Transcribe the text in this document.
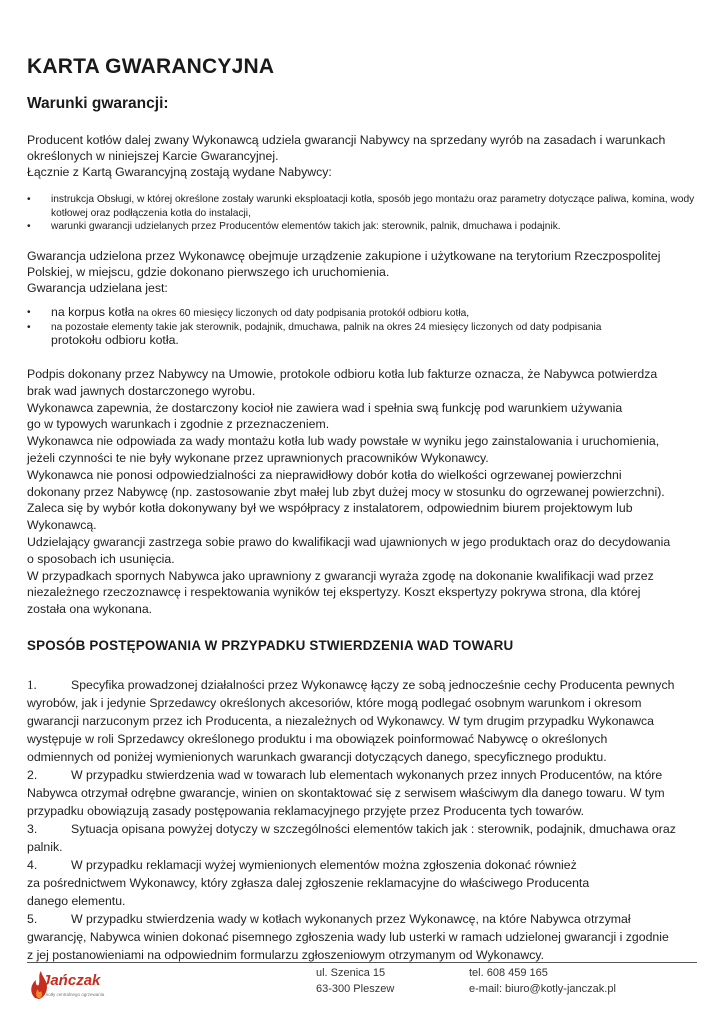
KARTA GWARANCYJNA
Warunki gwarancji:

Producent kotłów dalej zwany Wykonawcą udziela gwarancji Nabywcy na sprzedany wyrób na zasadach i warunkach

określonych w niniejszej Karcie Gwarancyjnej.

Łącznie z Kartą Gwarancyjną zostają wydane Nabywcy:

• instrukcja Obsługi, w której określone zostały warunki eksploatacji kotła, sposób jego montażu oraz parametry dotyczące paliwa, komina, wody kotłowej oraz podłączenia kotła do instalacji,
• warunki gwarancji udzielanych przez Producentów elementów takich jak: sterownik, palnik, dmuchawa i podajnik.

Gwarancja udzielona przez Wykonawcę obejmuje urządzenie zakupione i użytkowane na terytorium Rzeczpospolitej

Polskiej, w miejscu, gdzie dokonano pierwszego ich uruchomienia.

Gwarancja udzielana jest:

• na korpus kotła na okres 60 miesięcy liczonych od daty podpisania protokół odbioru kotła,
• na pozostałe elementy takie jak sterownik, podajnik, dmuchawa, palnik na okres 24 miesięcy liczonych od daty podpisania
protokołu odbioru kotła.

Podpis dokonany przez Nabywcy na Umowie, protokole odbioru kotła lub fakturze oznacza, że Nabywca potwierdza

brak wad jawnych dostarczonego wyrobu.

Wykonawca zapewnia, że dostarczony kocioł nie zawiera wad i spełnia swą funkcję pod warunkiem używania

go w typowych warunkach i zgodnie z przeznaczeniem.

Wykonawca nie odpowiada za wady montażu kotła lub wady powstałe w wyniku jego zainstalowania i uruchomienia,

jeżeli czynności te nie były wykonane przez uprawnionych pracowników Wykonawcy.

Wykonawca nie ponosi odpowiedzialności za nieprawidłowy dobór kotła do wielkości ogrzewanej powierzchni

dokonany przez Nabywcę (np. zastosowanie zbyt małej lub zbyt dużej mocy w stosunku do ogrzewanej powierzchni).

Zaleca się by wybór kotła dokonywany był we współpracy z instalatorem, odpowiednim biurem projektowym lub

Wykonawcą.

Udzielający gwarancji zastrzega sobie prawo do kwalifikacji wad ujawnionych w jego produktach oraz do decydowania

o sposobach ich usunięcia.

W przypadkach spornych Nabywca jako uprawniony z gwarancji wyraża zgodę na dokonanie kwalifikacji wad przez

niezależnego rzeczoznawcę i respektowania wyników tej ekspertyzy. Koszt ekspertyzy pokrywa strona, dla której

została ona wykonana.

SPOSÓB POSTĘPOWANIA W PRZYPADKU STWIERDZENIA WAD TOWARU

1.	Specyfika prowadzonej działalności przez Wykonawcę łączy ze sobą jednocześnie cechy Producenta pewnych

wyrobów, jak i jedynie Sprzedawcy określonych akcesoriów, które mogą podlegać osobnym warunkom i okresom

gwarancji narzuconym przez ich Producenta, a niezależnych od Wykonawcy. W tym drugim przypadku Wykonawca

występuje w roli Sprzedawcy określonego produktu i ma obowiązek poinformować Nabywcę o określonych

odmiennych od poniżej wymienionych warunkach gwarancji dotyczących danego, specyficznego produktu.

2.	W przypadku stwierdzenia wad w towarach lub elementach wykonanych przez innych Producentów, na które

Nabywca otrzymał odrębne gwarancje, winien on skontaktować się z serwisem właściwym dla danego towaru. W tym

przypadku obowiązują zasady postępowania reklamacyjnego przyjęte przez Producenta tych towarów.

3.	Sytuacja opisana powyżej dotyczy w szczególności elementów takich jak : sterownik, podajnik, dmuchawa oraz

palnik.

4.	W przypadku reklamacji wyżej wymienionych elementów można zgłoszenia dokonać również

za pośrednictwem Wykonawcy, który zgłasza dalej zgłoszenie reklamacyjne do właściwego Producenta

danego elementu.

5.	W przypadku stwierdzenia wady w kotłach wykonanych przez Wykonawcę, na które Nabywca otrzymał

gwarancję, Nabywca winien dokonać pisemnego zgłoszenia wady lub usterki w ramach udzielonej gwarancji i zgodnie

z jej postanowieniami na odpowiednim formularzu zgłoszeniowym otrzymanym od Wykonawcy.

Jańczak
kotły centralnego ogrzewania
ul. Szenica 15
63-300 Pleszew
tel. 608 459 165
e-mail: biuro@kotly-janczak.pl
